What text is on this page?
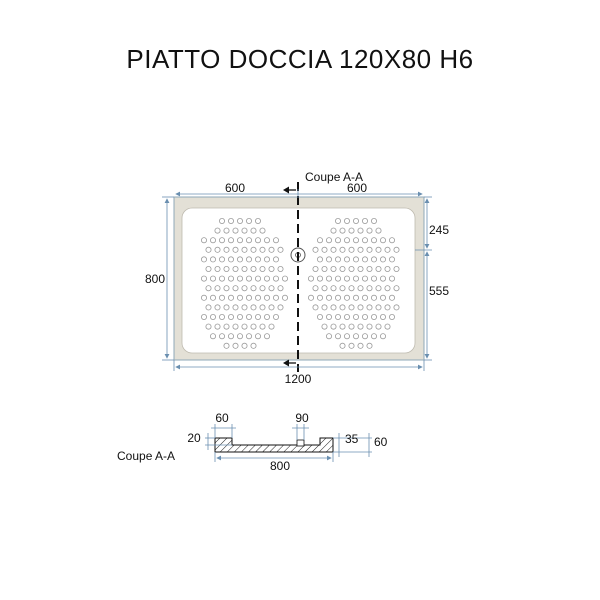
PIATTO DOCCIA 120X80 H6
Coupe A-A
600	600
1200
800
245
555
60
20
90
35 60
800
Coupe A-A
